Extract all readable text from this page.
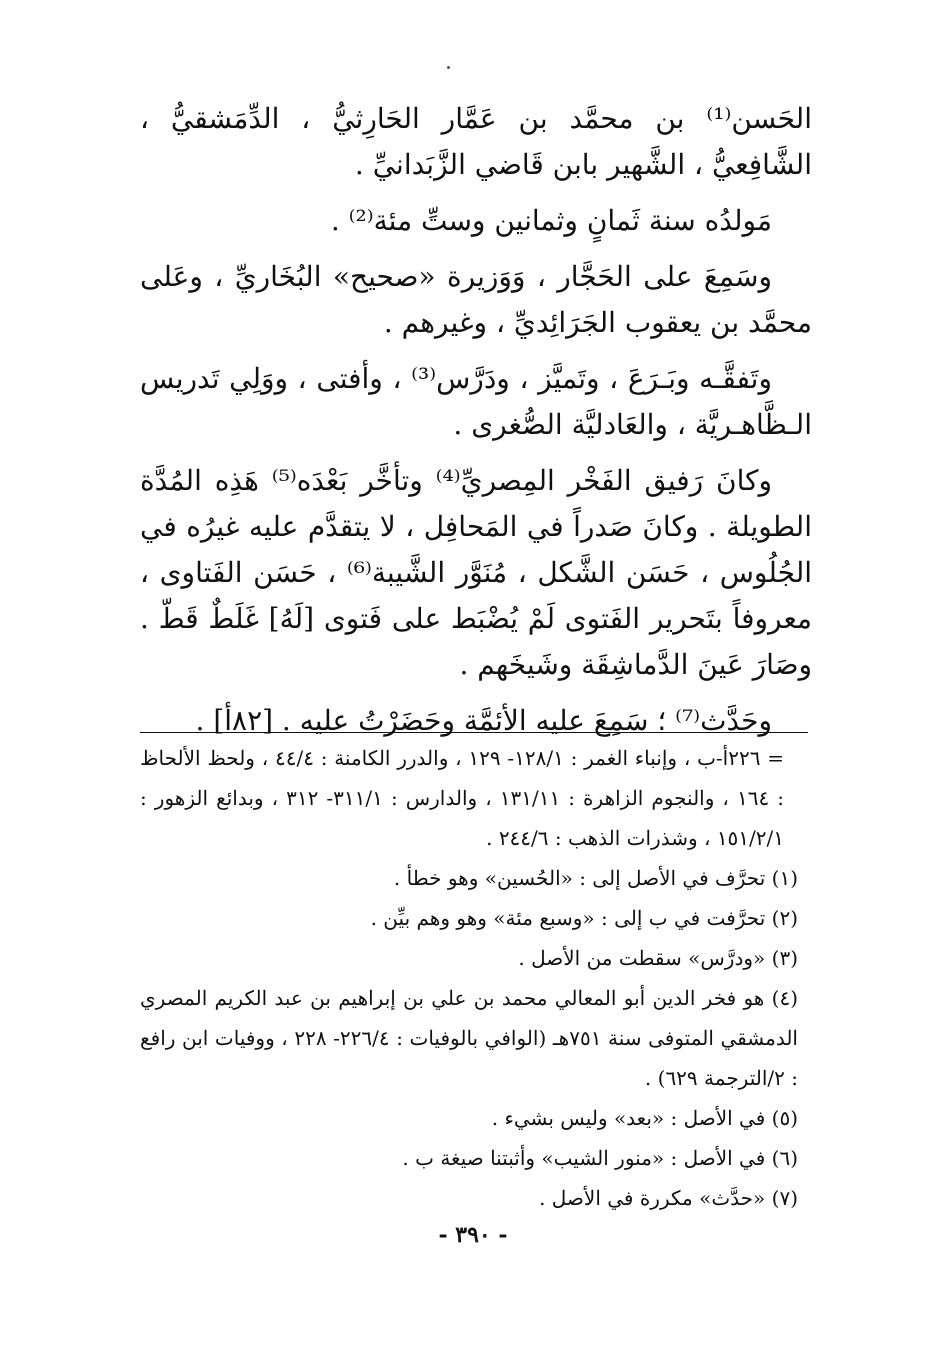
الحَسن⁽¹⁾ بن محمَّد بن عَمَّار الحَارِثيُّ ، الدِّمَشقيُّ ، الشَّافِعيُّ ، الشَّهير بابن قَاضي الزَّبَدانيِّ .

مَولدُه سنة ثَمانٍ وثمانين وستِّ مئة⁽²⁾ .

وسَمِعَ على الحَجَّار ، وَوَزيرة «صحيح» البُخَاريِّ ، وعَلى محمَّد بن يعقوب الجَرَائِديِّ ، وغيرهم .

وتَفقَّـه وبَـرَعَ ، وتَميَّز ، ودَرَّس⁽³⁾ ، وأفتى ، ووَلِي تَدريس الـظَّاهـريَّة ، والعَادليَّة الصُّغرى .

وكانَ رَفيق الفَخْر المِصريِّ⁽⁴⁾ وتأخَّر بَعْدَه⁽⁵⁾ هَذِه المُدَّة الطويلة . وكانَ صَدراً في المَحافِل ، لا يتقدَّم عليه غيرُه في الجُلُوس ، حَسَن الشَّكل ، مُنَوَّر الشَّيبة⁽⁶⁾ ، حَسَن الفَتاوى ، معروفاً بتَحرير الفَتوى لَمْ يُضْبَط على فَتوى [لَهُ] غَلَطٌ قَطّ . وصَارَ عَينَ الدَّماشِقَة وشَيخَهم .

وحَدَّث⁽⁷⁾ ؛ سَمِعَ عليه الأئمَّة وحَضَرْتُ عليه . [٨٢أ] .

= ٢٢٦أ-ب ، وإنباء الغمر : ١٢٨/١- ١٢٩ ، والدرر الكامنة : ٤٤/٤ ، ولحظ الألحاظ : ١٦٤ ، والنجوم الزاهرة : ١٣١/١١ ، والدارس : ٣١١/١- ٣١٢ ، وبدائع الزهور : ١٥١/٢/١ ، وشذرات الذهب : ٢٤٤/٦ .

(١) تحرَّف في الأصل إلى : «الحُسين» وهو خطأ .

(٢) تحرَّفت في ب إلى : «وسبع مئة» وهو وهم بيِّن .

(٣) «ودرَّس» سقطت من الأصل .

(٤) هو فخر الدين أبو المعالي محمد بن علي بن إبراهيم بن عبد الكريم المصري الدمشقي المتوفى سنة ٧٥١هـ (الوافي بالوفيات : ٢٢٦/٤- ٢٢٨ ، ووفيات ابن رافع : ٢/الترجمة ٦٢٩) .

(٥) في الأصل : «بعد» وليس بشيء .

(٦) في الأصل : «منور الشيب» وأثبتنا صيغة ب .

(٧) «حدَّث» مكررة في الأصل .

- ٣٩٠ -
